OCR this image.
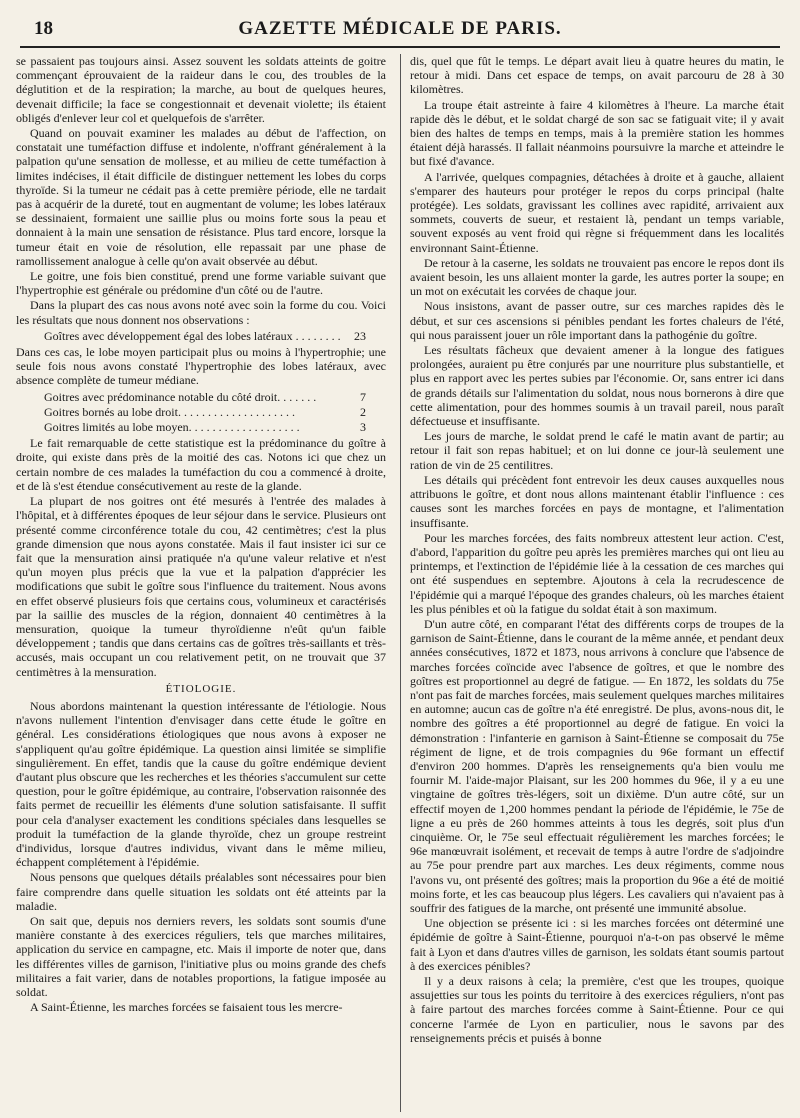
18	GAZETTE MÉDICALE DE PARIS.

se passaient pas toujours ainsi. Assez souvent les soldats atteints de goitre commençant éprouvaient de la raideur dans le cou, des troubles de la déglutition et de la respiration; la marche, au bout de quelques heures, devenait difficile; la face se congestionnait et devenait violette; ils étaient obligés d'enlever leur col et quelquefois de s'arrêter.

Quand on pouvait examiner les malades au début de l'affection, on constatait une tuméfaction diffuse et indolente, n'offrant généralement à la palpation qu'une sensation de mollesse, et au milieu de cette tuméfaction à limites indécises, il était difficile de distinguer nettement les lobes du corps thyroïde. Si la tumeur ne cédait pas à cette première période, elle ne tardait pas à acquérir de la dureté, tout en augmentant de volume; les lobes latéraux se dessinaient, formaient une saillie plus ou moins forte sous la peau et donnaient à la main une sensation de résistance. Plus tard encore, lorsque la tumeur était en voie de résolution, elle repassait par une phase de ramollissement analogue à celle qu'on avait observée au début.

Le goitre, une fois bien constitué, prend une forme variable suivant que l'hypertrophie est générale ou prédomine d'un côté ou de l'autre.

Dans la plupart des cas nous avons noté avec soin la forme du cou. Voici les résultats que nous donnent nos observations :

Goîtres avec développement égal des lobes latéraux . . . . . . . .	23

Dans ces cas, le lobe moyen participait plus ou moins à l'hypertrophie; une seule fois nous avons constaté l'hypertrophie des lobes latéraux, avec absence complète de tumeur médiane.

Goitres avec prédominance notable du côté droit. . . . . . .	7
Goitres bornés au lobe droit. . . . . . . . . . . . . . . . . . . .	2
Goitres limités au lobe moyen. . . . . . . . . . . . . . . . . . .	3

Le fait remarquable de cette statistique est la prédominance du goître à droite, qui existe dans près de la moitié des cas. Notons ici que chez un certain nombre de ces malades la tuméfaction du cou a commencé à droite, et de là s'est étendue consécutivement au reste de la glande.

La plupart de nos goitres ont été mesurés à l'entrée des malades à l'hôpital, et à différentes époques de leur séjour dans le service. Plusieurs ont présenté comme circonférence totale du cou, 42 centimètres; c'est la plus grande dimension que nous ayons constatée. Mais il faut insister ici sur ce fait que la mensuration ainsi pratiquée n'a qu'une valeur relative et n'est qu'un moyen plus précis que la vue et la palpation d'apprécier les modifications que subit le goître sous l'influence du traitement. Nous avons en effet observé plusieurs fois que certains cous, volumineux et caractérisés par la saillie des muscles de la région, donnaient 40 centimètres à la mensuration, quoique la tumeur thyroïdienne n'eût qu'un faible développement ; tandis que dans certains cas de goîtres très-saillants et très-accusés, mais occupant un cou relativement petit, on ne trouvait que 37 centimètres à la mensuration.

ÉTIOLOGIE.

Nous abordons maintenant la question intéressante de l'étiologie. Nous n'avons nullement l'intention d'envisager dans cette étude le goître en général. Les considérations étiologiques que nous avons à exposer ne s'appliquent qu'au goître épidémique. La question ainsi limitée se simplifie singulièrement. En effet, tandis que la cause du goître endémique devient d'autant plus obscure que les recherches et les théories s'accumulent sur cette question, pour le goître épidémique, au contraire, l'observation raisonnée des faits permet de recueillir les éléments d'une solution satisfaisante. Il suffit pour cela d'analyser exactement les conditions spéciales dans lesquelles se produit la tuméfaction de la glande thyroïde, chez un groupe restreint d'individus, lorsque d'autres individus, vivant dans le même milieu, échappent complétement à l'épidémie.

Nous pensons que quelques détails préalables sont nécessaires pour bien faire comprendre dans quelle situation les soldats ont été atteints par la maladie.

On sait que, depuis nos derniers revers, les soldats sont soumis d'une manière constante à des exercices réguliers, tels que marches militaires, application du service en campagne, etc. Mais il importe de noter que, dans les différentes villes de garnison, l'initiative plus ou moins grande des chefs militaires a fait varier, dans de notables proportions, la fatigue imposée au soldat.

A Saint-Étienne, les marches forcées se faisaient tous les mercre-

dis, quel que fût le temps. Le départ avait lieu à quatre heures du matin, le retour à midi. Dans cet espace de temps, on avait parcouru de 28 à 30 kilomètres.

La troupe était astreinte à faire 4 kilomètres à l'heure. La marche était rapide dès le début, et le soldat chargé de son sac se fatiguait vite; il y avait bien des haltes de temps en temps, mais à la première station les hommes étaient déjà harassés. Il fallait néanmoins poursuivre la marche et atteindre le but fixé d'avance.

A l'arrivée, quelques compagnies, détachées à droite et à gauche, allaient s'emparer des hauteurs pour protéger le repos du corps principal (halte protégée). Les soldats, gravissant les collines avec rapidité, arrivaient aux sommets, couverts de sueur, et restaient là, pendant un temps variable, souvent exposés au vent froid qui règne si fréquemment dans les localités environnant Saint-Étienne.

De retour à la caserne, les soldats ne trouvaient pas encore le repos dont ils avaient besoin, les uns allaient monter la garde, les autres porter la soupe; en un mot on exécutait les corvées de chaque jour.

Nous insistons, avant de passer outre, sur ces marches rapides dès le début, et sur ces ascensions si pénibles pendant les fortes chaleurs de l'été, qui nous paraissent jouer un rôle important dans la pathogénie du goître.

Les résultats fâcheux que devaient amener à la longue des fatigues prolongées, auraient pu être conjurés par une nourriture plus substantielle, et plus en rapport avec les pertes subies par l'économie. Or, sans entrer ici dans de grands détails sur l'alimentation du soldat, nous nous bornerons à dire que cette alimentation, pour des hommes soumis à un travail pareil, nous paraît défectueuse et insuffisante.

Les jours de marche, le soldat prend le café le matin avant de partir; au retour il fait son repas habituel; et on lui donne ce jour-là seulement une ration de vin de 25 centilitres.

Les détails qui précèdent font entrevoir les deux causes auxquelles nous attribuons le goître, et dont nous allons maintenant établir l'influence : ces causes sont les marches forcées en pays de montagne, et l'alimentation insuffisante.

Pour les marches forcées, des faits nombreux attestent leur action. C'est, d'abord, l'apparition du goître peu après les premières marches qui ont lieu au printemps, et l'extinction de l'épidémie liée à la cessation de ces marches qui ont été suspendues en septembre. Ajoutons à cela la recrudescence de l'épidémie qui a marqué l'époque des grandes chaleurs, où les marches étaient les plus pénibles et où la fatigue du soldat était à son maximum.

D'un autre côté, en comparant l'état des différents corps de troupes de la garnison de Saint-Étienne, dans le courant de la même année, et pendant deux années consécutives, 1872 et 1873, nous arrivons à conclure que l'absence de marches forcées coïncide avec l'absence de goîtres, et que le nombre des goîtres est proportionnel au degré de fatigue. — En 1872, les soldats du 75e n'ont pas fait de marches forcées, mais seulement quelques marches militaires en automne; aucun cas de goître n'a été enregistré. De plus, avons-nous dit, le nombre des goîtres a été proportionnel au degré de fatigue. En voici la démonstration : l'infanterie en garnison à Saint-Étienne se composait du 75e régiment de ligne, et de trois compagnies du 96e formant un effectif d'environ 200 hommes. D'après les renseignements qu'a bien voulu me fournir M. l'aide-major Plaisant, sur les 200 hommes du 96e, il y a eu une vingtaine de goîtres très-légers, soit un dixième. D'un autre côté, sur un effectif moyen de 1,200 hommes pendant la période de l'épidémie, le 75e de ligne a eu près de 260 hommes atteints à tous les degrés, soit plus d'un cinquième. Or, le 75e seul effectuait régulièrement les marches forcées; le 96e manœuvrait isolément, et recevait de temps à autre l'ordre de s'adjoindre au 75e pour prendre part aux marches. Les deux régiments, comme nous l'avons vu, ont présenté des goîtres; mais la proportion du 96e a été de moitié moins forte, et les cas beaucoup plus légers. Les cavaliers qui n'avaient pas à souffrir des fatigues de la marche, ont présenté une immunité absolue.

Une objection se présente ici : si les marches forcées ont déterminé une épidémie de goître à Saint-Étienne, pourquoi n'a-t-on pas observé le même fait à Lyon et dans d'autres villes de garnison, les soldats étant soumis partout à des exercices pénibles?

Il y a deux raisons à cela; la première, c'est que les troupes, quoique assujetties sur tous les points du territoire à des exercices réguliers, n'ont pas à faire partout des marches forcées comme à Saint-Étienne. Pour ce qui concerne l'armée de Lyon en particulier, nous le savons par des renseignements précis et puisés à bonne
